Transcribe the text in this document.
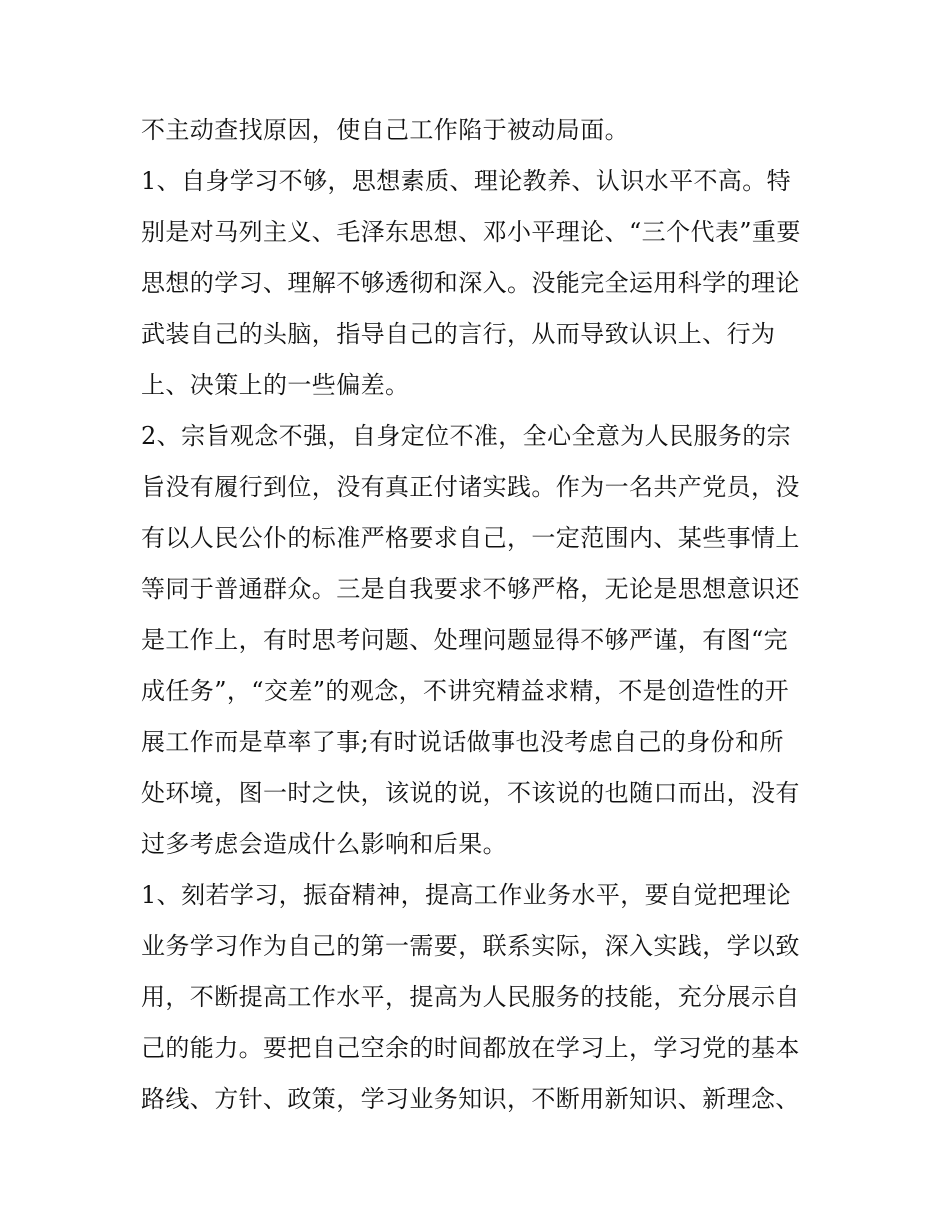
不主动查找原因，使自己工作陷于被动局面。
1、自身学习不够，思想素质、理论教养、认识水平不高。特
别是对马列主义、毛泽东思想、邓小平理论、“三个代表”重要
思想的学习、理解不够透彻和深入。没能完全运用科学的理论
武装自己的头脑，指导自己的言行，从而导致认识上、行为
上、决策上的一些偏差。
2、宗旨观念不强，自身定位不准，全心全意为人民服务的宗
旨没有履行到位，没有真正付诸实践。作为一名共产党员，没
有以人民公仆的标准严格要求自己，一定范围内、某些事情上
等同于普通群众。三是自我要求不够严格，无论是思想意识还
是工作上，有时思考问题、处理问题显得不够严谨，有图“完
成任务”，“交差”的观念，不讲究精益求精，不是创造性的开
展工作而是草率了事;有时说话做事也没考虑自己的身份和所
处环境，图一时之快，该说的说，不该说的也随口而出，没有
过多考虑会造成什么影响和后果。
1、刻若学习，振奋精神，提高工作业务水平，要自觉把理论
业务学习作为自己的第一需要，联系实际，深入实践，学以致
用，不断提高工作水平，提高为人民服务的技能，充分展示自
己的能力。要把自己空余的时间都放在学习上，学习党的基本
路线、方针、政策，学习业务知识，不断用新知识、新理念、
